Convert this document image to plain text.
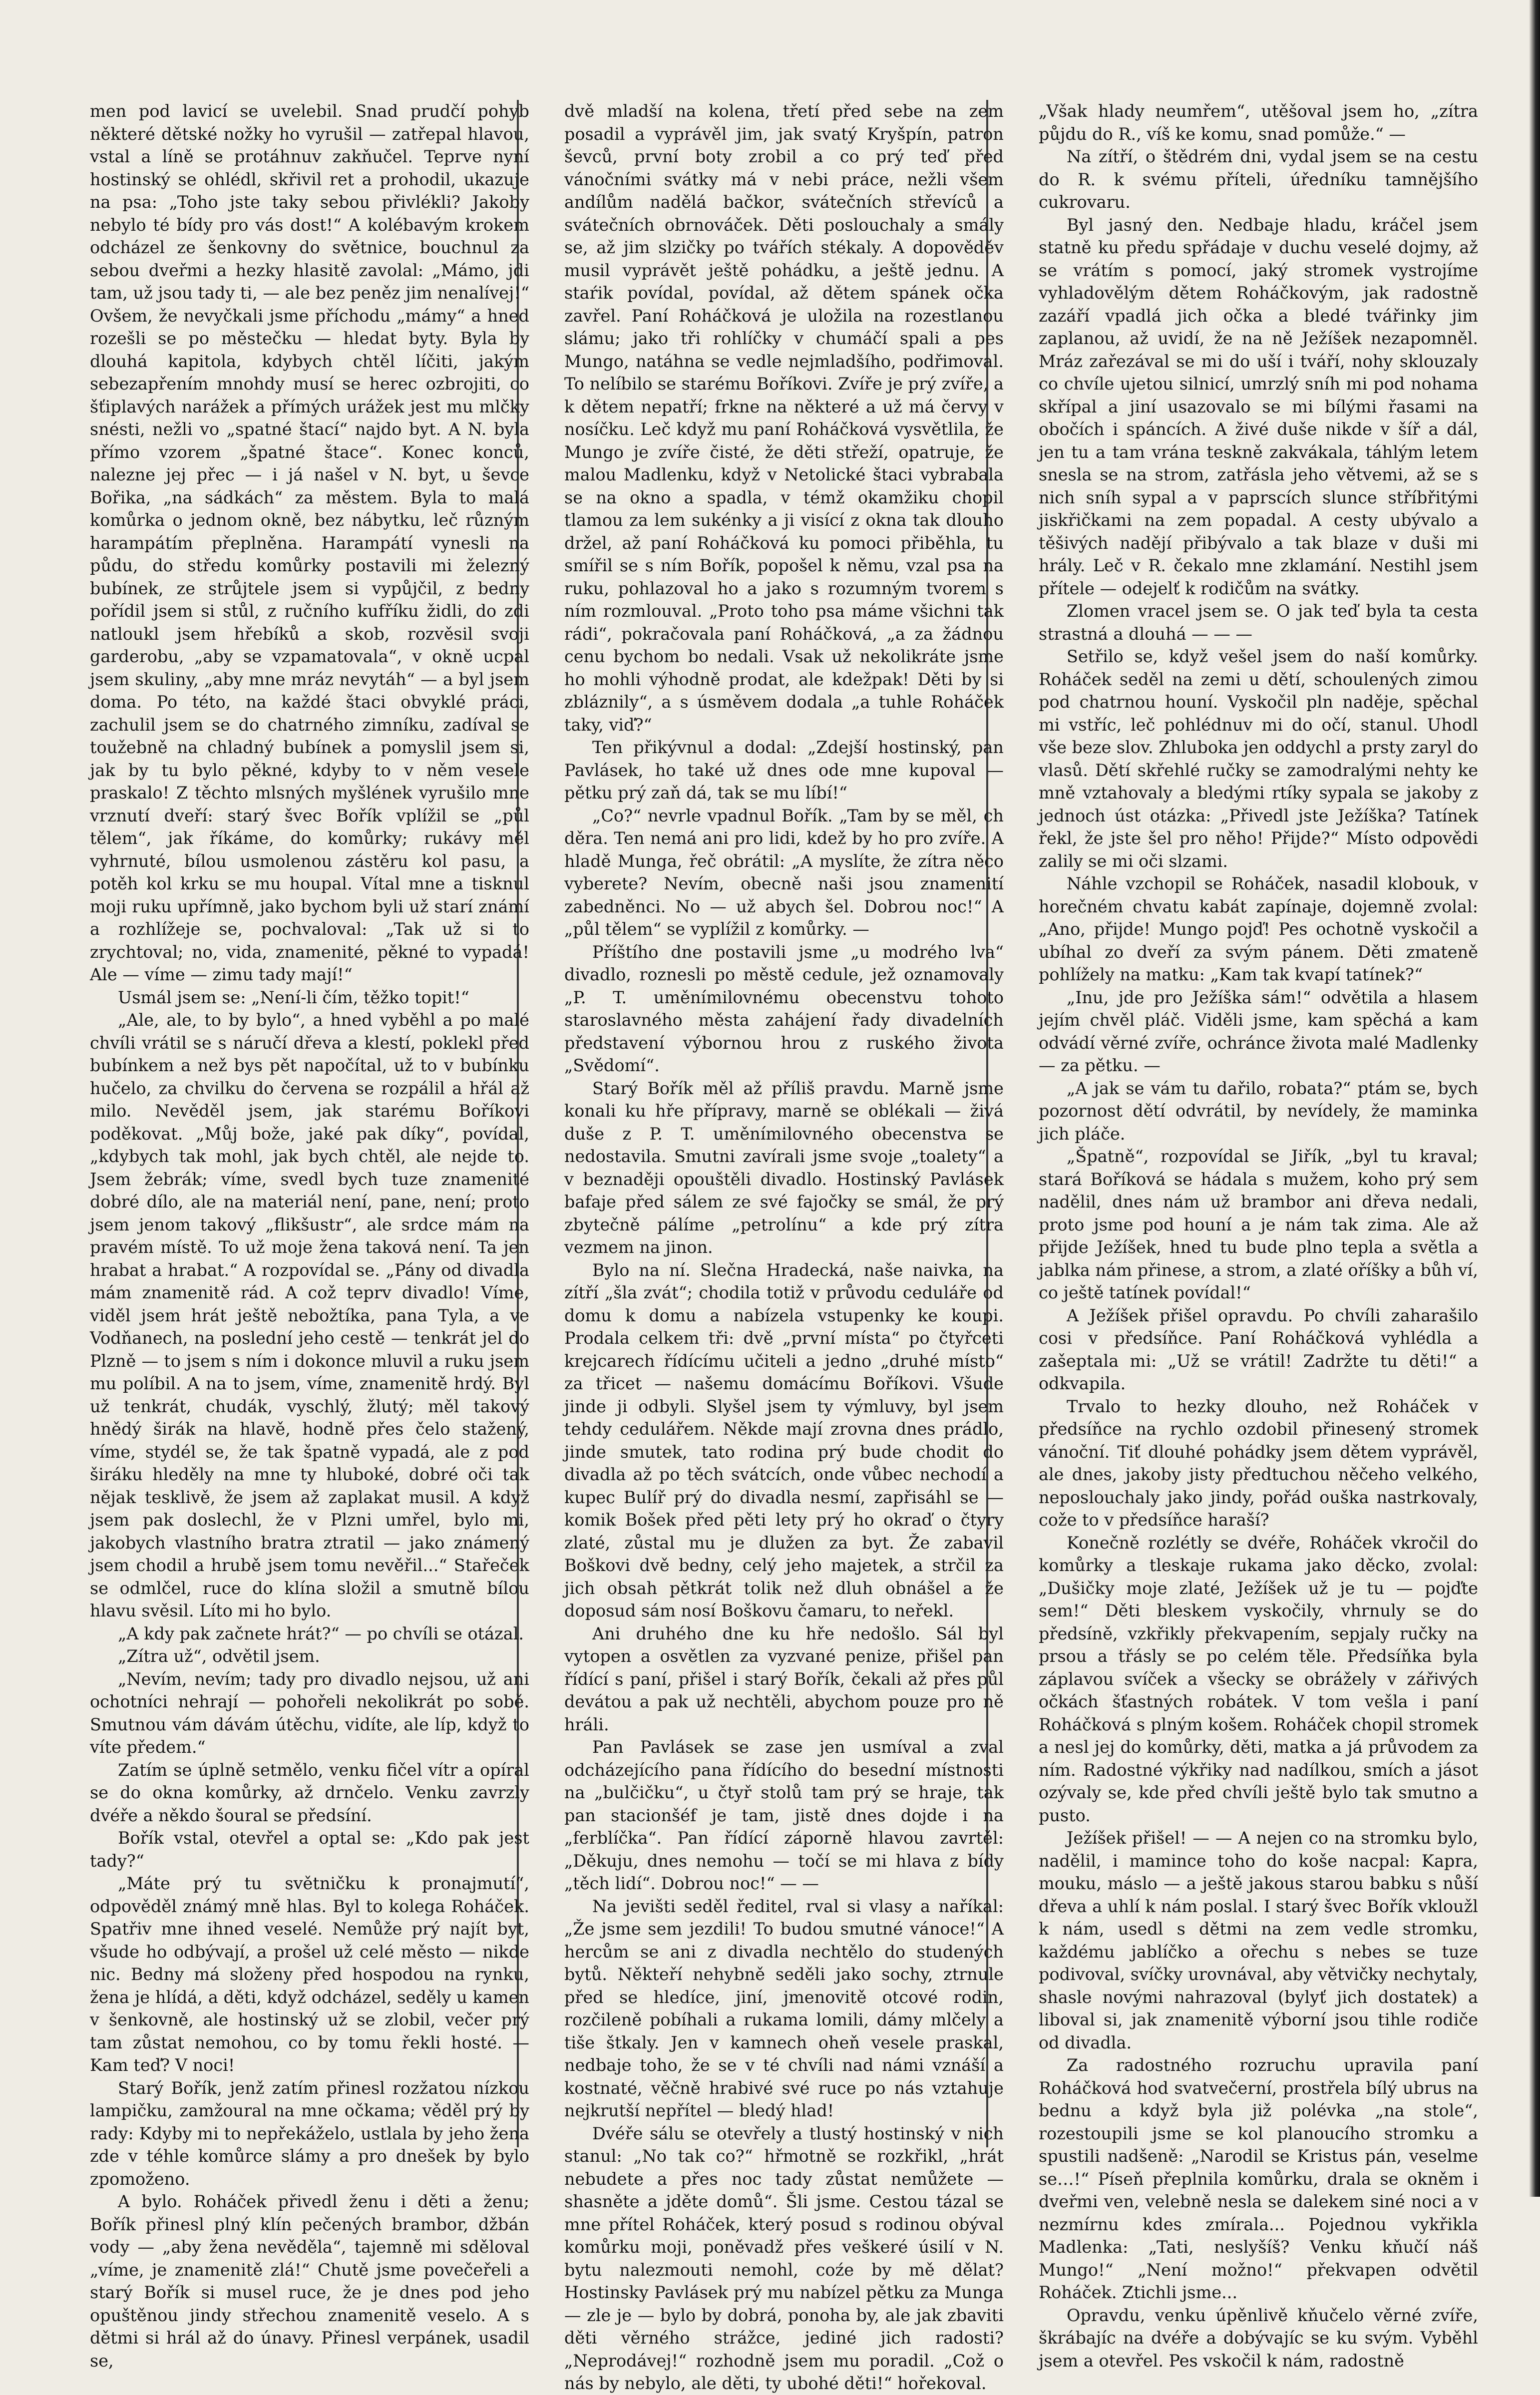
men pod lavicí se uvelebil. Snad prudčí pohyb některé dětské nožky ho vyrušil — zatřepal hlavou, vstal a líně se protáhnuv zakňučel. Teprve nyní hostinský se ohlédl, skřivil ret a prohodil, ukazuje na psa: „Toho jste taky sebou přivlékli? Jakoby nebylo té bídy pro vás dost!“ A kolébavým krokem odcházel ze šenkovny do světnice, bouchnul za sebou dveřmi a hezky hlasitě zavolal: „Mámo, jdi tam, už jsou tady ti, — ale bez peněz jim nenalívej!“ Ovšem, že nevyčkali jsme příchodu „mámy“ a hned rozešli se po městečku — hledat byty. Byla by dlouhá kapitola, kdybych chtěl líčiti, jakým sebezapřením mnohdy musí se herec ozbrojiti, co šťiplavých narážek a přímých urážek jest mu mlčky snésti, nežli vo „spatné štací“ najdo byt. A N. byla přímo vzorem „špatné štace“. Konec konců, nalezne jej přec — i já našel v N. byt, u ševce Bořika, „na sádkách“ za městem. Byla to malá komůrka o jednom okně, bez nábytku, leč různým harampátím přeplněna. Harampátí vynesli na půdu, do středu komůrky postavili mi železný bubínek, ze strůjtele jsem si vypůjčil, z bedny pořídil jsem si stůl, z ručního kufříku židli, do zdi natloukl jsem hřebíků a skob, rozvěsil svoji garderobu, „aby se vzpamatovala“, v okně ucpal jsem skuliny, „aby mne mráz nevytáh“ — a byl jsem doma. Po této, na každé štaci obvyklé práci, zachulil jsem se do chatrného zimníku, zadíval se toužebně na chladný bubínek a pomyslil jsem si, jak by tu bylo pěkné, kdyby to v něm vesele praskalo! Z těchto mlsných myšlének vyrušilo mne vrznutí dveří: starý švec Bořík vplížil se „půl tělem“, jak říkáme, do komůrky; rukávy měl vyhrnuté, bílou usmolenou zástěru kol pasu, a potěh kol krku se mu houpal. Vítal mne a tisknul moji ruku upřímně, jako bychom byli už starí známí a rozhlížeje se, pochvaloval: „Tak už si to zrychtoval; no, vida, znamenité, pěkné to vypadá! Ale — víme — zimu tady mají!“

Usmál jsem se: „Není-li čím, těžko topit!“

„Ale, ale, to by bylo“, a hned vyběhl a po malé chvíli vrátil se s náručí dřeva a klestí, poklekl před bubínkem a než bys pět napočítal, už to v bubínku hučelo, za chvilku do červena se rozpálil a hřál až milo. Nevěděl jsem, jak starému Boříkovi poděkovat. „Můj bože, jaké pak díky“, povídal, „kdybych tak mohl, jak bych chtěl, ale nejde to. Jsem žebrák; víme, svedl bych tuze znamenité dobré dílo, ale na materiál není, pane, není; proto jsem jenom takový „flikšustr“, ale srdce mám na pravém místě. To už moje žena taková není. Ta jen hrabat a hrabat.“ A rozpovídal se. „Pány od divadla mám znamenitě rád. A což teprv divadlo! Víme, viděl jsem hrát ještě nebožtíka, pana Tyla, a ve Vodňanech, na poslední jeho cestě — tenkrát jel do Plzně — to jsem s ním i dokonce mluvil a ruku jsem mu políbil. A na to jsem, víme, znamenitě hrdý. Byl už tenkrát, chudák, vyschlý, žlutý; měl takový hnědý širák na hlavě, hodně přes čelo stažený, víme, stydél se, že tak špatně vypadá, ale z pod širáku hleděly na mne ty hluboké, dobré oči tak nějak tesklivě, že jsem až zaplakat musil. A když jsem pak doslechl, že v Plzni umřel, bylo mi, jakobych vlastního bratra ztratil — jako známený jsem chodil a hrubě jsem tomu nevěřil...“ Stařeček se odmlčel, ruce do klína složil a smutně bílou hlavu svěsil. Líto mi ho bylo.

„A kdy pak začnete hrát?“ — po chvíli se otázal.

„Zítra už“, odvětil jsem.

„Nevím, nevím; tady pro divadlo nejsou, už ani ochotníci nehrají — pohořeli nekolikrát po sobě. Smutnou vám dávám útěchu, vidíte, ale líp, když to víte předem.“

Zatím se úplně setmělo, venku fičel vítr a opíral se do okna komůrky, až drnčelo. Venku zavrzly dvéře a někdo šoural se předsíní.

Bořík vstal, otevřel a optal se: „Kdo pak jest tady?“

„Máte prý tu světničku k pronajmutí“, odpověděl známý mně hlas. Byl to kolega Roháček. Spatřiv mne ihned veselé. Nemůže prý najít byt, všude ho odbývají, a prošel už celé město — nikde nic. Bedny má složeny před hospodou na rynku, žena je hlídá, a děti, když odcházel, seděly u kamen v šenkovně, ale hostinský už se zlobil, večer prý tam zůstat nemohou, co by tomu řekli hosté. — Kam teď? V noci!

Starý Bořík, jenž zatím přinesl rozžatou nízkou lampičku, zamžoural na mne očkama; věděl prý by rady: Kdyby mi to nepřekáželo, ustlala by jeho žena zde v téhle komůrce slámy a pro dnešek by bylo zpomoženo.

A bylo. Roháček přivedl ženu i děti a ženu; Bořík přinesl plný klín pečených brambor, džbán vody — „aby žena nevěděla“, tajemně mi sděloval „víme, je znamenitě zlá!“ Chutě jsme povečeřeli a starý Bořík si musel ruce, že je dnes pod jeho opuštěnou jindy střechou znamenitě veselo. A s dětmi si hrál až do únavy. Přinesl verpánek, usadil se,

dvě mladší na kolena, třetí před sebe na zem posadil a vyprávěl jim, jak svatý Kryšpín, patron ševců, první boty zrobil a co prý teď před vánočními svátky má v nebi práce, nežli všem andílům nadělá bačkor, svátečních střevíců a svátečních obrnováček. Děti poslouchaly a smály se, až jim slzičky po tvářích stékaly. A dopověděv musil vyprávět ještě pohádku, a ještě jednu. A staŕik povídal, povídal, až dětem spánek očka zavřel. Paní Roháčková je uložila na rozestlanou slámu; jako tři rohlíčky v chumáčí spali a pes Mungo, natáhna se vedle nejmladšího, podřimoval. To nelíbilo se starému Boříkovi. Zvíře je prý zvíře, a k dětem nepatří; frkne na některé a už má červy v nosíčku. Leč když mu paní Roháčková vysvětlila, že Mungo je zvíře čisté, že děti střeží, opatruje, že malou Madlenku, když v Netolické štaci vybrabala se na okno a spadla, v témž okamžiku chopil tlamou za lem sukénky a ji visící z okna tak dlouho držel, až paní Roháčková ku pomoci přiběhla, tu smířil se s ním Bořík, popošel k němu, vzal psa na ruku, pohlazoval ho a jako s rozumným tvorem s ním rozmlouval. „Proto toho psa máme všichni tak rádi“, pokračovala paní Roháčková, „a za žádnou cenu bychom bo nedali. Vsak už nekolikráte jsme ho mohli výhodně prodat, ale kdežpak! Děti by si zbláznily“, a s úsměvem dodala „a tuhle Roháček taky, viď?“

Ten přikývnul a dodal: „Zdejší hostinský, pan Pavlásek, ho také už dnes ode mne kupoval — pětku prý zaň dá, tak se mu líbí!“

„Co?“ nevrle vpadnul Bořík. „Tam by se měl, ch děra. Ten nemá ani pro lidi, kdež by ho pro zvíře. A hladě Munga, řeč obrátil: „A myslíte, že zítra něco vyberete? Nevím, obecně naši jsou znamenití zabedněnci. No — už abych šel. Dobrou noc!“ A „půl tělem“ se vyplížil z komůrky. —

Příštího dne postavili jsme „u modrého lva“ divadlo, roznesli po městě cedule, jež oznamovaly „P. T. uměnímilovnému obecenstvu tohoto staroslavného města zahájení řady divadelních představení výbornou hrou z ruského života „Svědomí“.

Starý Bořík měl až příliš pravdu. Marně jsme konali ku hře přípravy, marně se oblékali — živá duše z P. T. uměnímilovného obecenstva se nedostavila. Smutni zavírali jsme svoje „toalety“ a v beznaději opouštěli divadlo. Hostinský Pavlásek bafaje před sálem ze své fajočky se smál, že prý zbytečně pálíme „petrolínu“ a kde prý zítra vezmem na jinon.

Bylo na ní. Slečna Hradecká, naše naivka, na zítří „šla zvát“; chodila totiž v průvodu ceduláře od domu k domu a nabízela vstupenky ke koupi. Prodala celkem tři: dvě „první místa“ po čtyřceti krejcarech řídícímu učiteli a jedno „druhé místo“ za třicet — našemu domácímu Boříkovi. Všude jinde ji odbyli. Slyšel jsem ty výmluvy, byl jsem tehdy cedulářem. Někde mají zrovna dnes prádlo, jinde smutek, tato rodina prý bude chodit do divadla až po těch svátcích, onde vůbec nechodí a kupec Bulíř prý do divadla nesmí, zapřisáhl se — komik Bošek před pěti lety prý ho okraď o čtyry zlaté, zůstal mu je dlužen za byt. Že zabavil Boškovi dvě bedny, celý jeho majetek, a strčil za jich obsah pětkrát tolik než dluh obnášel a že doposud sám nosí Boškovu čamaru, to neřekl.

Ani druhého dne ku hře nedošlo. Sál byl vytopen a osvětlen za vyzvané penize, přišel pan řídící s paní, přišel i starý Bořík, čekali až přes půl devátou a pak už nechtěli, abychom pouze pro ně hráli.

Pan Pavlásek se zase jen usmíval a zval odcházejícího pana řídícího do besední místnosti na „bulčičku“, u čtyř stolů tam prý se hraje, tak pan stacionšéf je tam, jistě dnes dojde i na „ferblíčka“. Pan řídící záporně hlavou zavrtěl: „Děkuju, dnes nemohu — točí se mi hlava z bídy „těch lidí“. Dobrou noc!“ — —

Na jevišti seděl ředitel, rval si vlasy a naříkal: „Že jsme sem jezdili! To budou smutné vánoce!“ A hercům se ani z divadla nechtělo do studených bytů. Někteří nehybně seděli jako sochy, ztrnule před se hledíce, jiní, jmenovitě otcové rodin, rozčileně pobíhali a rukama lomili, dámy mlčely a tiše štkaly. Jen v kamnech oheň vesele praskal, nedbaje toho, že se v té chvíli nad námi vznáší a kostnaté, věčně hrabivé své ruce po nás vztahuje nejkrutší nepřítel — bledý hlad!

Dvéře sálu se otevřely a tlustý hostinský v nich stanul: „No tak co?“ hřmotně se rozkřikl, „hrát nebudete a přes noc tady zůstat nemůžete — shasněte a jděte domů“. Šli jsme. Cestou tázal se mne přítel Roháček, který posud s rodinou obýval komůrku moji, poněvadž přes veškeré úsilí v N. bytu nalezmouti nemohl, coźe by mě dělat? Hostinsky Pavlásek prý mu nabízel pětku za Munga — zle je — bylo by dobrá, ponoha by, ale jak zbaviti děti věrného strážce, jediné jich radosti? „Neprodávej!“ rozhodně jsem mu poradil. „Což o nás by nebylo, ale děti, ty ubohé děti!“ hořekoval.

„Však hlady neumřem“, utěšoval jsem ho, „zítra půjdu do R., víš ke komu, snad pomůže.“ —

Na zítří, o štědrém dni, vydal jsem se na cestu do R. k svému příteli, úředníku tamnějšího cukrovaru.

Byl jasný den. Nedbaje hladu, kráčel jsem statně ku předu spřádaje v duchu veselé dojmy, až se vrátím s pomocí, jaký stromek vystrojíme vyhladovělým dětem Roháčkovým, jak radostně zazáří vpadlá jich očka a bledé tvářinky jim zaplanou, až uvidí, že na ně Ježíšek nezapomněl. Mráz zařezával se mi do uší i tváří, nohy sklouzaly co chvíle ujetou silnicí, umrzlý sníh mi pod nohama skřípal a jiní usazovalo se mi bílými řasami na obočích i spáncích. A živé duše nikde v šíř a dál, jen tu a tam vrána teskně zakvákala, táhlým letem snesla se na strom, zatřásla jeho větvemi, až se s nich sníh sypal a v paprscích slunce stříbřitými jiskřičkami na zem popadal. A cesty ubývalo a těšivých nadějí přibývalo a tak blaze v duši mi hrály. Leč v R. čekalo mne zklamání. Nestihl jsem přítele — odejelť k rodičům na svátky.

Zlomen vracel jsem se. O jak teď byla ta cesta strastná a dlouhá — — —

Setřilo se, když vešel jsem do naší komůrky. Roháček seděl na zemi u dětí, schoulených zimou pod chatrnou houní. Vyskočil pln naděje, spěchal mi vstříc, leč pohlédnuv mi do očí, stanul. Uhodl vše beze slov. Zhluboka jen oddychl a prsty zaryl do vlasů. Dětí skřehlé ručky se zamodralými nehty ke mně vztahovaly a bledými rtíky sypala se jakoby z jednoch úst otázka: „Přivedl jste Ježíška? Tatínek řekl, že jste šel pro něho! Přijde?“ Místo odpovědi zalily se mi oči slzami.

Náhle vzchopil se Roháček, nasadil klobouk, v horečném chvatu kabát zapínaje, dojemně zvolal: „Ano, přijde! Mungo pojď! Pes ochotně vyskočil a ubíhal zo dveří za svým pánem. Děti zmateně pohlížely na matku: „Kam tak kvapí tatínek?“

„Inu, jde pro Ježíška sám!“ odvětila a hlasem jejím chvěl pláč. Viděli jsme, kam spěchá a kam odvádí věrné zvíře, ochránce života malé Madlenky — za pětku. —

„A jak se vám tu dařilo, robata?“ ptám se, bych pozornost dětí odvrátil, by nevídely, že maminka jich pláče.

„Špatně“, rozpovídal se Jiřík, „byl tu kraval; stará Boříková se hádala s mužem, koho prý sem nadělil, dnes nám už brambor ani dřeva nedali, proto jsme pod houní a je nám tak zima. Ale až přijde Ježíšek, hned tu bude plno tepla a světla a jablka nám přinese, a strom, a zlaté oříšky a bůh ví, co ještě tatínek povídal!“

A Ježíšek přišel opravdu. Po chvíli zaharašilo cosi v předsíňce. Paní Roháčková vyhlédla a zašeptala mi: „Už se vrátil! Zadržte tu děti!“ a odkvapila.

Trvalo to hezky dlouho, než Roháček v předsíňce na rychlo ozdobil přinesený stromek vánoční. Tiť dlouhé pohádky jsem dětem vyprávěl, ale dnes, jakoby jisty předtuchou něčeho velkého, neposlouchaly jako jindy, pořád ouška nastrkovaly, cože to v předsíňce haraší?

Konečně rozlétly se dvéře, Roháček vkročil do komůrky a tleskaje rukama jako děcko, zvolal: „Dušičky moje zlaté, Ježíšek už je tu — pojďte sem!“ Děti bleskem vyskočily, vhrnuly se do předsíně, vzkřikly překvapením, sepjaly ručky na prsou a třásly se po celém těle. Předsíňka byla záplavou svíček a všecky se obrážely v zářivých očkách šťastných robátek. V tom vešla i paní Roháčková s plným košem. Roháček chopil stromek a nesl jej do komůrky, děti, matka a já průvodem za ním. Radostné výkřiky nad nadílkou, smích a jásot ozývaly se, kde před chvíli ještě bylo tak smutno a pusto.

Ježíšek přišel! — — A nejen co na stromku bylo, nadělil, i mamince toho do koše nacpal: Kapra, mouku, máslo — a ještě jakous starou babku s nůší dřeva a uhlí k nám poslal. I starý švec Bořík vkloužl k nám, usedl s dětmi na zem vedle stromku, každému jablíčko a ořechu s nebes se tuze podivoval, svíčky urovnával, aby větvičky nechytaly, shasle novými nahrazoval (bylyť jich dostatek) a liboval si, jak znamenitě výborní jsou tihle rodiče od divadla.

Za radostného rozruchu upravila paní Roháčková hod svatvečerní, prostřela bílý ubrus na bednu a když byla již polévka „na stole“, rozestoupili jsme se kol planoucího stromku a spustili nadšeně: „Narodil se Kristus pán, veselme se…!“ Píseň přeplnila komůrku, drala se okněm i dveřmi ven, velebně nesla se dalekem siné noci a v nezmírnu kdes zmírala... Pojednou vykřikla Madlenka: „Tati, neslyšíš? Venku kňučí náš Mungo!“ „Není možno!“ překvapen odvětil Roháček. Ztichli jsme...

Opravdu, venku úpěnlivě kňučelo věrné zvíře, škrábajíc na dvéře a dobývajíc se ku svým. Vyběhl jsem a otevřel. Pes vskočil k nám, radostně
